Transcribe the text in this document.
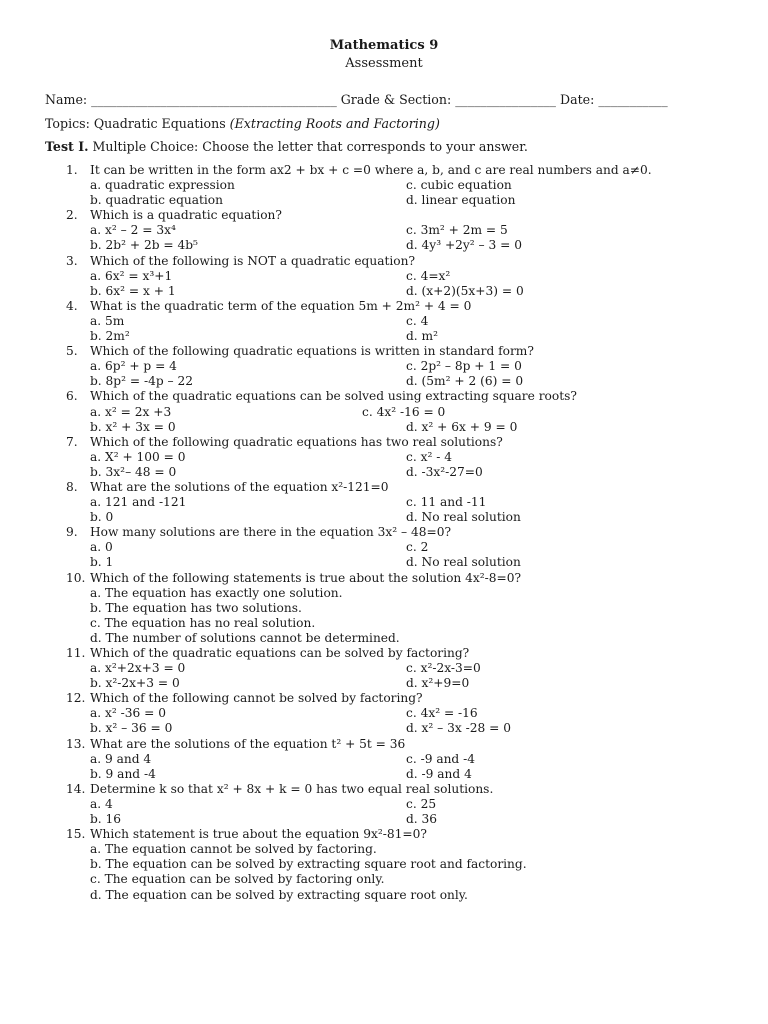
Mathematics 9
Assessment
Name: _______________________________________ Grade & Section: ________________ Date: ___________
Topics: Quadratic Equations (Extracting Roots and Factoring)
Test I. Multiple Choice: Choose the letter that corresponds to your answer.
1.	It can be written in the form ax2 + bx + c =0 where a, b, and c are real numbers and a≠0.
a. quadratic expression	c. cubic equation
b. quadratic equation	d. linear equation
2.	Which is a quadratic equation?
a. x² – 2 = 3x⁴	c. 3m² + 2m = 5
b. 2b² + 2b = 4b⁵	d. 4y³ +2y² – 3 = 0
3.	Which of the following is NOT a quadratic equation?
a. 6x² = x³+1	c. 4=x²
b. 6x² = x + 1	d. (x+2)(5x+3) = 0
4.	What is the quadratic term of the equation 5m + 2m² + 4 = 0
a. 5m	c. 4
b. 2m²	d. m²
5.	Which of the following quadratic equations is written in standard form?
a. 6p² + p = 4	c. 2p² – 8p + 1 = 0
b. 8p² = -4p – 22	d. (5m² + 2 (6) = 0
6.	Which of the quadratic equations can be solved using extracting square roots?
a. x² = 2x +3	c. 4x² -16 = 0
b. x² + 3x = 0	d. x² + 6x + 9 = 0
7.	Which of the following quadratic equations has two real solutions?
a. X² + 100 = 0	c. x² - 4
b. 3x²– 48 = 0	d. -3x²-27=0
8.	What are the solutions of the equation x²-121=0
a. 121 and -121	c. 11 and -11
b. 0	d. No real solution
9.	How many solutions are there in the equation 3x² – 48=0?
a. 0	c. 2
b. 1	d. No real solution
10. Which of the following statements is true about the solution 4x²-8=0?
a. The equation has exactly one solution.
b. The equation has two solutions.
c. The equation has no real solution.
d. The number of solutions cannot be determined.
11. Which of the quadratic equations can be solved by factoring?
a. x²+2x+3 = 0	c. x²-2x-3=0
b. x²-2x+3 = 0	d. x²+9=0
12. Which of the following cannot be solved by factoring?
a. x² -36 = 0	c. 4x² = -16
b. x² – 36 = 0	d. x² – 3x -28 = 0
13. What are the solutions of the equation t² + 5t = 36
a. 9 and 4	c. -9 and -4
b. 9 and -4	d. -9 and 4
14. Determine k so that x² + 8x + k = 0 has two equal real solutions.
a. 4	c. 25
b. 16	d. 36
15. Which statement is true about the equation 9x²-81=0?
a. The equation cannot be solved by factoring.
b. The equation can be solved by extracting square root and factoring.
c. The equation can be solved by factoring only.
d. The equation can be solved by extracting square root only.
